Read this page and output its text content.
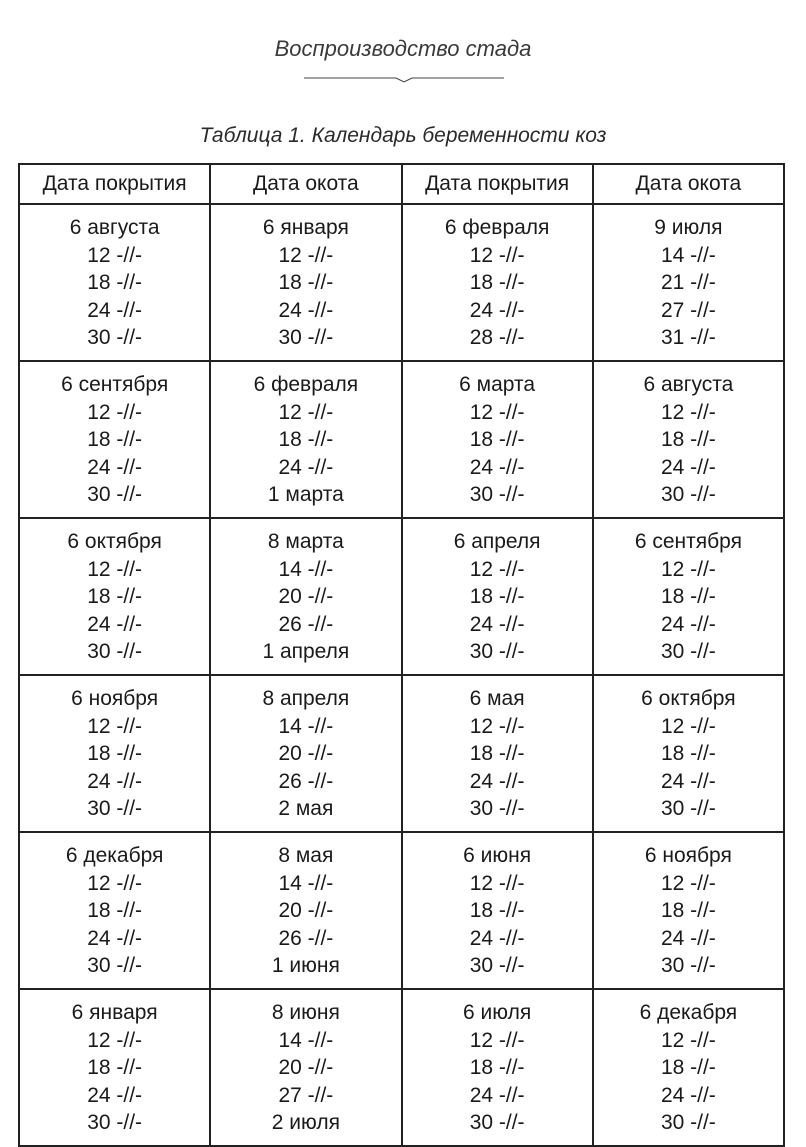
Воспроизводство стада
Таблица 1. Календарь беременности коз
Дата покрытия	Дата окота	Дата покрытия	Дата окота

6 августа
12 -//-
18 -//-
24 -//-
30 -//-	6 января
12 -//-
18 -//-
24 -//-
30 -//-	6 февраля
12 -//-
18 -//-
24 -//-
28 -//-	9 июля
14 -//-
21 -//-
27 -//-
31 -//-

6 сентября
12 -//-
18 -//-
24 -//-
30 -//-	6 февраля
12 -//-
18 -//-
24 -//-
1 марта	6 марта
12 -//-
18 -//-
24 -//-
30 -//-	6 августа
12 -//-
18 -//-
24 -//-
30 -//-

6 октября
12 -//-
18 -//-
24 -//-
30 -//-	8 марта
14 -//-
20 -//-
26 -//-
1 апреля	6 апреля
12 -//-
18 -//-
24 -//-
30 -//-	6 сентября
12 -//-
18 -//-
24 -//-
30 -//-

6 ноября
12 -//-
18 -//-
24 -//-
30 -//-	8 апреля
14 -//-
20 -//-
26 -//-
2 мая	6 мая
12 -//-
18 -//-
24 -//-
30 -//-	6 октября
12 -//-
18 -//-
24 -//-
30 -//-

6 декабря
12 -//-
18 -//-
24 -//-
30 -//-	8 мая
14 -//-
20 -//-
26 -//-
1 июня	6 июня
12 -//-
18 -//-
24 -//-
30 -//-	6 ноября
12 -//-
18 -//-
24 -//-
30 -//-

6 января
12 -//-
18 -//-
24 -//-
30 -//-	8 июня
14 -//-
20 -//-
27 -//-
2 июля	6 июля
12 -//-
18 -//-
24 -//-
30 -//-	6 декабря
12 -//-
18 -//-
24 -//-
30 -//-
